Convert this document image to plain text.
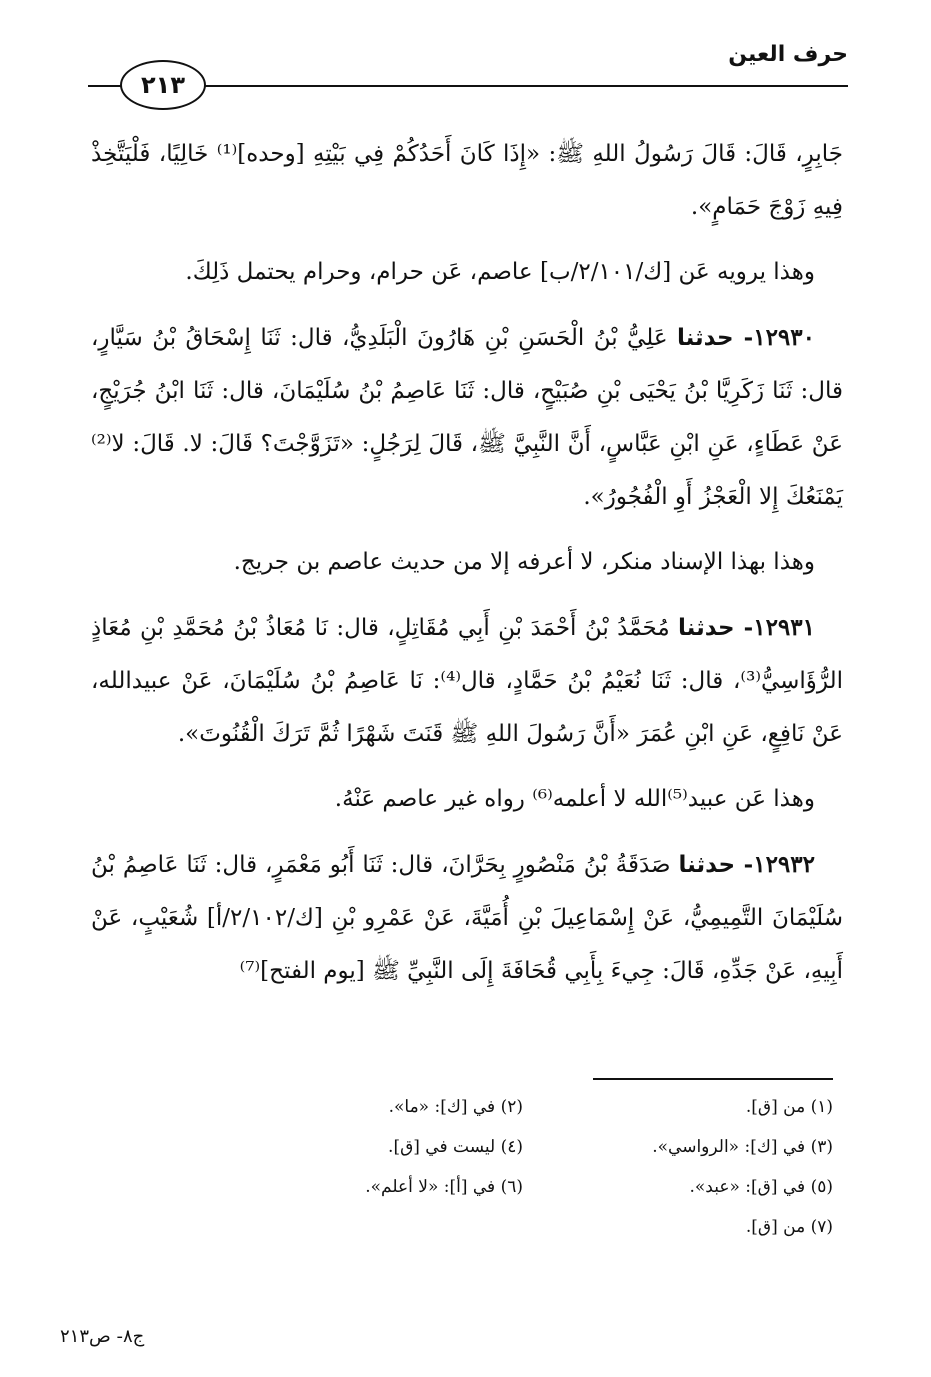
حرف العين
٢١٣

جَابِرٍ، قَالَ: قَالَ رَسُولُ اللهِ ﷺ: «إِذَا كَانَ أَحَدُكُمْ فِي بَيْتِهِ [وحده]⁽¹⁾ خَالِيًا، فَلْيَتَّخِذْ فِيهِ زَوْجَ حَمَامٍ».

وهذا يرويه عَن [ك/٢/١٠١/ب] عاصم، عَن حرام، وحرام يحتمل ذَلِكَ.

١٢٩٣٠- حدثنا عَلِيُّ بْنُ الْحَسَنِ بْنِ هَارُونَ الْبَلَدِيُّ، قال: ثَنَا إِسْحَاقُ بْنُ سَيَّارٍ، قال: ثَنَا زَكَرِيَّا بْنُ يَحْيَى بْنِ صُبَيْحٍ، قال: ثَنَا عَاصِمُ بْنُ سُلَيْمَانَ، قال: ثَنَا ابْنُ جُرَيْجٍ، عَنْ عَطَاءٍ، عَنِ ابْنِ عَبَّاسٍ، أَنَّ النَّبِيَّ ﷺ، قَالَ لِرَجُلٍ: «تَزَوَّجْتَ؟ قَالَ: لا. قَالَ: لا⁽²⁾ يَمْنَعُكَ إِلا الْعَجْزُ أَوِ الْفُجُورُ».

وهذا بهذا الإسناد منكر، لا أعرفه إلا من حديث عاصم بن جريج.

١٢٩٣١- حدثنا مُحَمَّدُ بْنُ أَحْمَدَ بْنِ أَبِي مُقَاتِلٍ، قال: نَا مُعَاذُ بْنُ مُحَمَّدِ بْنِ مُعَاذٍ الرُّؤَاسِيُّ⁽³⁾، قال: ثَنَا نُعَيْمُ بْنُ حَمَّادٍ، قال⁽⁴⁾: نَا عَاصِمُ بْنُ سُلَيْمَانَ، عَنْ عبيدالله، عَنْ نَافِعٍ، عَنِ ابْنِ عُمَرَ «أَنَّ رَسُولَ اللهِ ﷺ قَنَتَ شَهْرًا ثُمَّ تَرَكَ الْقُنُوتَ».

وهذا عَن عبيد⁽⁵⁾الله لا أعلمه⁽⁶⁾ رواه غير عاصم عَنْهُ.

١٢٩٣٢- حدثنا صَدَقَةُ بْنُ مَنْصُورٍ بِحَرَّانَ، قال: ثَنَا أَبُو مَعْمَرٍ، قال: ثَنَا عَاصِمُ بْنُ سُلَيْمَانَ التَّمِيمِيُّ، عَنْ إِسْمَاعِيلَ بْنِ أُمَيَّةَ، عَنْ عَمْرِو بْنِ [ك/٢/١٠٢/أ] شُعَيْبٍ، عَنْ أَبِيهِ، عَنْ جَدِّهِ، قَالَ: جِيءَ بِأَبِي قُحَافَةَ إِلَى النَّبِيِّ ﷺ [يوم الفتح]⁽⁷⁾

(١) من [ق].
(٢) في [ك]: «ما».
(٣) في [ك]: «الرواسي».
(٤) ليست في [ق].
(٥) في [ق]: «عبد».
(٦) في [أ]: «لا أعلم».
(٧) من [ق].
ج٨- ص٢١٣
